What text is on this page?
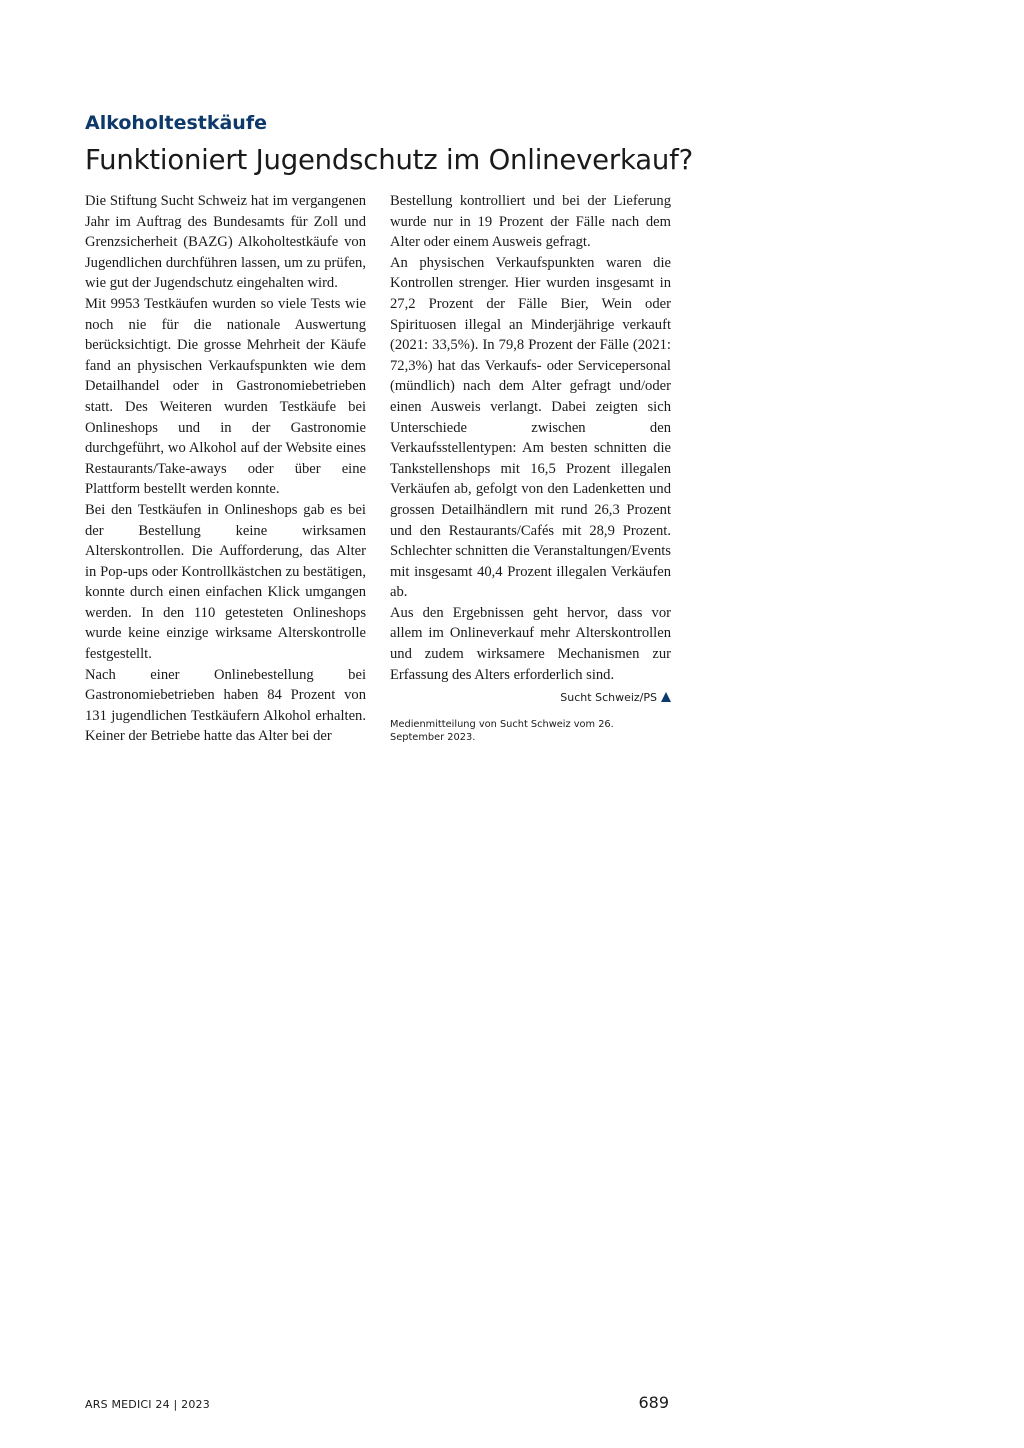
Alkoholtestkäufe
Funktioniert Jugendschutz im Onlineverkauf?

Die Stiftung Sucht Schweiz hat im vergangenen Jahr im Auftrag des Bundesamts für Zoll und Grenzsicherheit (BAZG) Alkoholtestkäufe von Jugendlichen durchführen lassen, um zu prüfen, wie gut der Jugendschutz eingehalten wird.

Mit 9953 Testkäufen wurden so viele Tests wie noch nie für die nationale Auswertung berücksichtigt. Die grosse Mehrheit der Käufe fand an physischen Verkaufspunkten wie dem Detailhandel oder in Gastronomiebetrieben statt. Des Weiteren wurden Testkäufe bei Onlineshops und in der Gastronomie durchgeführt, wo Alkohol auf der Website eines Restaurants/Take-aways oder über eine Plattform bestellt werden konnte.

Bei den Testkäufen in Onlineshops gab es bei der Bestellung keine wirksamen Alterskontrollen. Die Aufforderung, das Alter in Pop-ups oder Kontrollkästchen zu bestätigen, konnte durch einen einfachen Klick umgangen werden. In den 110 getesteten Onlineshops wurde keine einzige wirksame Alterskontrolle festgestellt.

Nach einer Onlinebestellung bei Gastronomiebetrieben haben 84 Prozent von 131 jugendlichen Testkäufern Alkohol erhalten. Keiner der Betriebe hatte das Alter bei der

Bestellung kontrolliert und bei der Lieferung wurde nur in 19 Prozent der Fälle nach dem Alter oder einem Ausweis gefragt.

An physischen Verkaufspunkten waren die Kontrollen strenger. Hier wurden insgesamt in 27,2 Prozent der Fälle Bier, Wein oder Spirituosen illegal an Minderjährige verkauft (2021: 33,5%). In 79,8 Prozent der Fälle (2021: 72,3%) hat das Verkaufs- oder Servicepersonal (mündlich) nach dem Alter gefragt und/oder einen Ausweis verlangt. Dabei zeigten sich Unterschiede zwischen den Verkaufsstellentypen: Am besten schnitten die Tankstellenshops mit 16,5 Prozent illegalen Verkäufen ab, gefolgt von den Ladenketten und grossen Detailhändlern mit rund 26,3 Prozent und den Restaurants/Cafés mit 28,9 Prozent. Schlechter schnitten die Veranstaltungen/Events mit insgesamt 40,4 Prozent illegalen Verkäufen ab.

Aus den Ergebnissen geht hervor, dass vor allem im Onlineverkauf mehr Alterskontrollen und zudem wirksamere Mechanismen zur Erfassung des Alters erforderlich sind.

Sucht Schweiz/PS
Medienmitteilung von Sucht Schweiz vom 26. September 2023.
ARS MEDICI 24 | 2023	689
